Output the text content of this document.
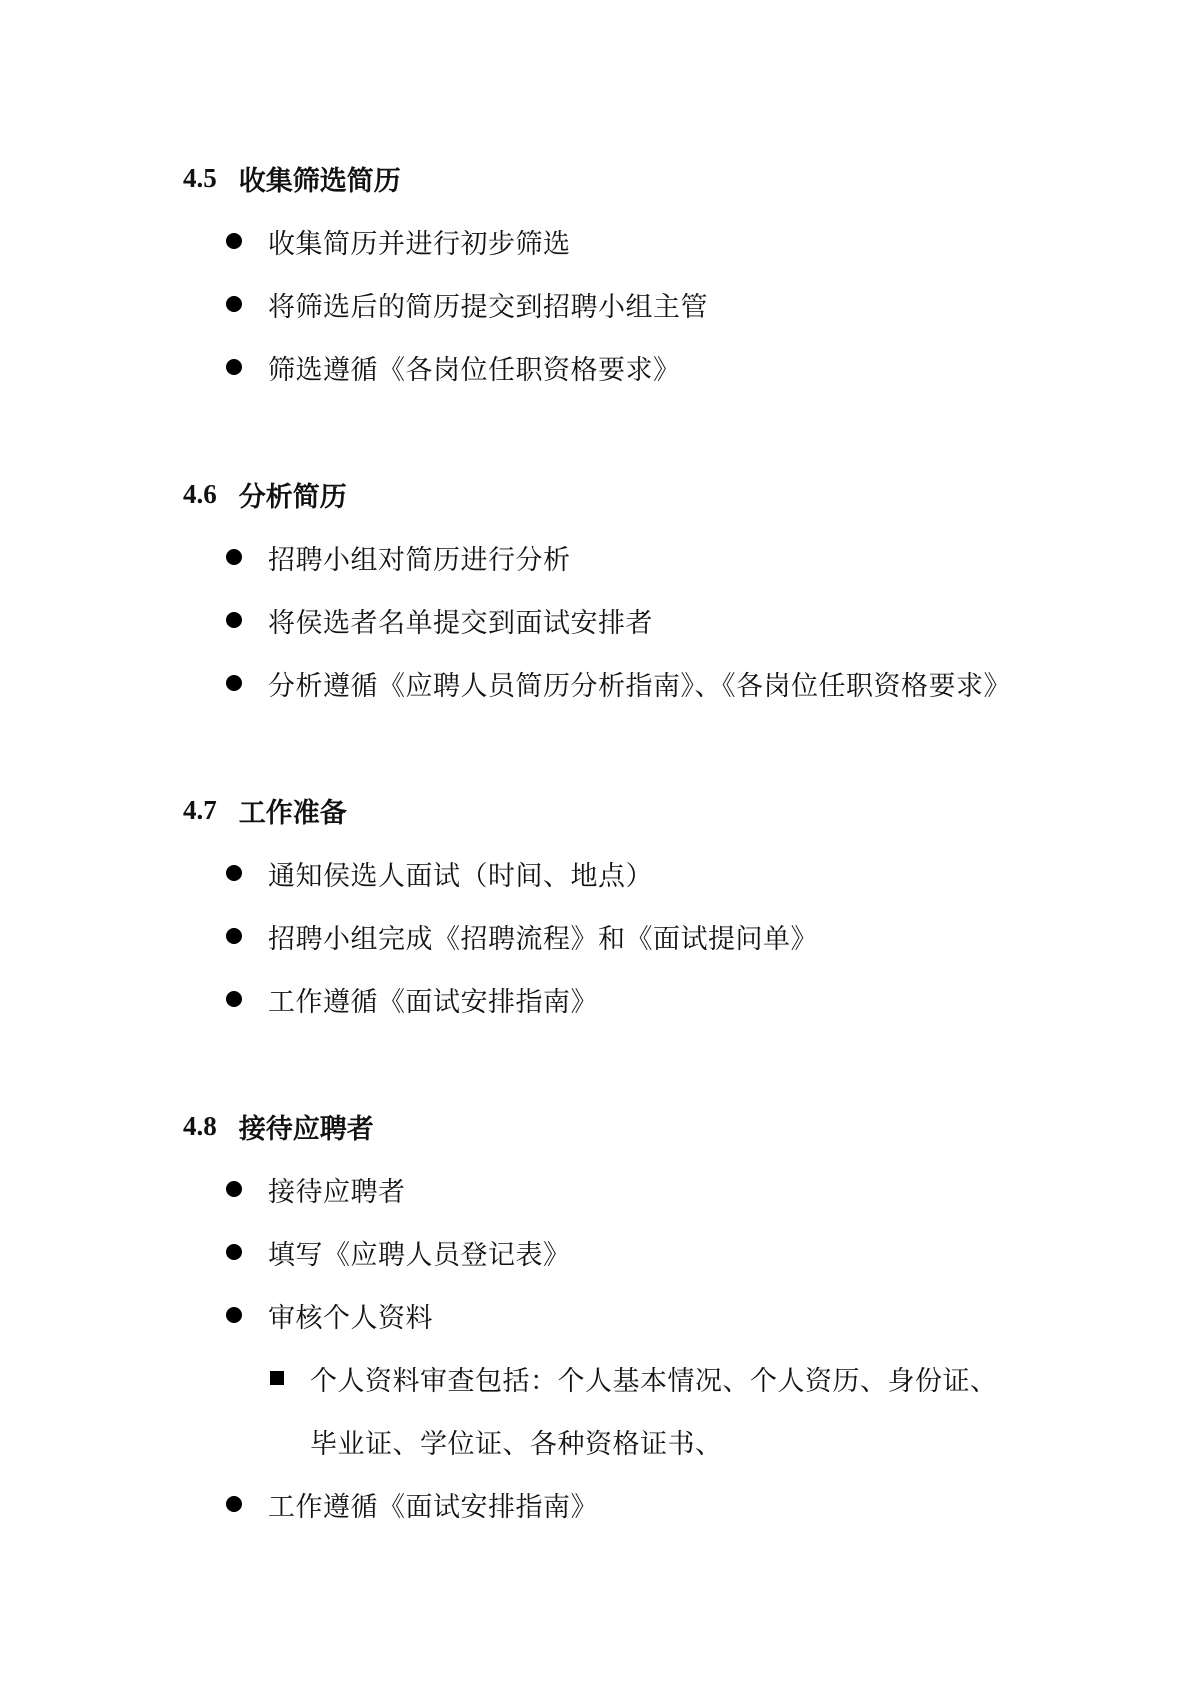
4.5 收集筛选简历
收集简历并进行初步筛选
将筛选后的简历提交到招聘小组主管
筛选遵循《各岗位任职资格要求》
4.6 分析简历
招聘小组对简历进行分析
将侯选者名单提交到面试安排者
分析遵循《应聘人员简历分析指南》、《各岗位任职资格要求》
4.7 工作准备
通知侯选人面试（时间、地点）
招聘小组完成《招聘流程》和《面试提问单》
工作遵循《面试安排指南》
4.8 接待应聘者
接待应聘者
填写《应聘人员登记表》
审核个人资料
个人资料审查包括：个人基本情况、个人资历、身份证、
毕业证、学位证、各种资格证书、
工作遵循《面试安排指南》
